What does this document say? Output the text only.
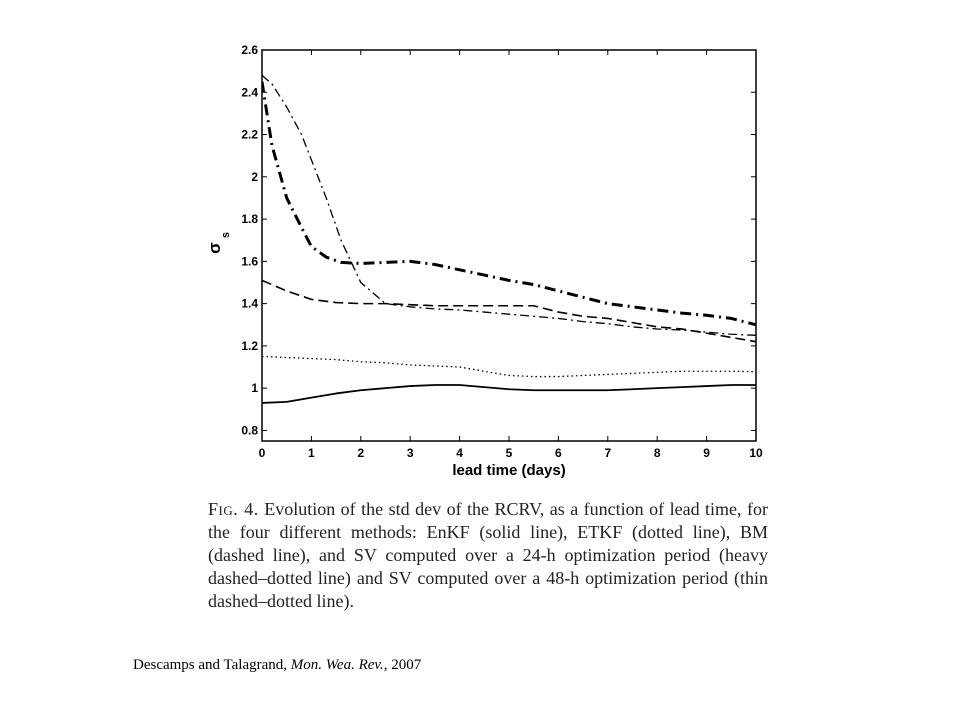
0	1	2	3	4	5	6	7	8	9	10
0.8
1
1.2
1.4
1.6
1.8
2
2.2
2.4
2.6
σ
s
lead time (days)
Fig. 4. Evolution of the std dev of the RCRV, as a function of lead time, for the four different methods: EnKF (solid line), ETKF (dotted line), BM (dashed line), and SV computed over a 24-h optimization period (heavy dashed–dotted line) and SV computed over a 48-h optimization period (thin dashed–dotted line).
Descamps and Talagrand, Mon. Wea. Rev., 2007
